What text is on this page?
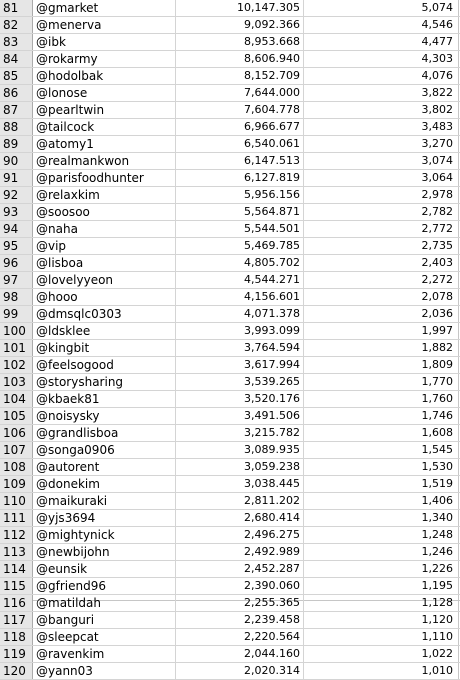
81	@gmarket	10,147.305	5,074
82	@menerva	9,092.366	4,546
83	@ibk	8,953.668	4,477
84	@rokarmy	8,606.940	4,303
85	@hodolbak	8,152.709	4,076
86	@lonose	7,644.000	3,822
87	@pearltwin	7,604.778	3,802
88	@tailcock	6,966.677	3,483
89	@atomy1	6,540.061	3,270
90	@realmankwon	6,147.513	3,074
91	@parisfoodhunter	6,127.819	3,064
92	@relaxkim	5,956.156	2,978
93	@soosoo	5,564.871	2,782
94	@naha	5,544.501	2,772
95	@vip	5,469.785	2,735
96	@lisboa	4,805.702	2,403
97	@lovelyyeon	4,544.271	2,272
98	@hooo	4,156.601	2,078
99	@dmsqlc0303	4,071.378	2,036
100 @ldsklee	3,993.099	1,997
101 @kingbit	3,764.594	1,882
102 @feelsogood	3,617.994	1,809
103 @storysharing	3,539.265	1,770
104 @kbaek81	3,520.176	1,760
105 @noisysky	3,491.506	1,746
106 @grandlisboa	3,215.782	1,608
107 @songa0906	3,089.935	1,545
108 @autorent	3,059.238	1,530
109 @donekim	3,038.445	1,519
110 @maikuraki	2,811.202	1,406
111 @yjs3694	2,680.414	1,340
112 @mightynick	2,496.275	1,248
113 @newbijohn	2,492.989	1,246
114 @eunsik	2,452.287	1,226
115 @gfriend96	2,390.060	1,195
116 @matildah	2,255.365	1,128
117 @banguri	2,239.458	1,120
118 @sleepcat	2,220.564	1,110
119 @ravenkim	2,044.160	1,022
120 @yann03	2,020.314	1,010
